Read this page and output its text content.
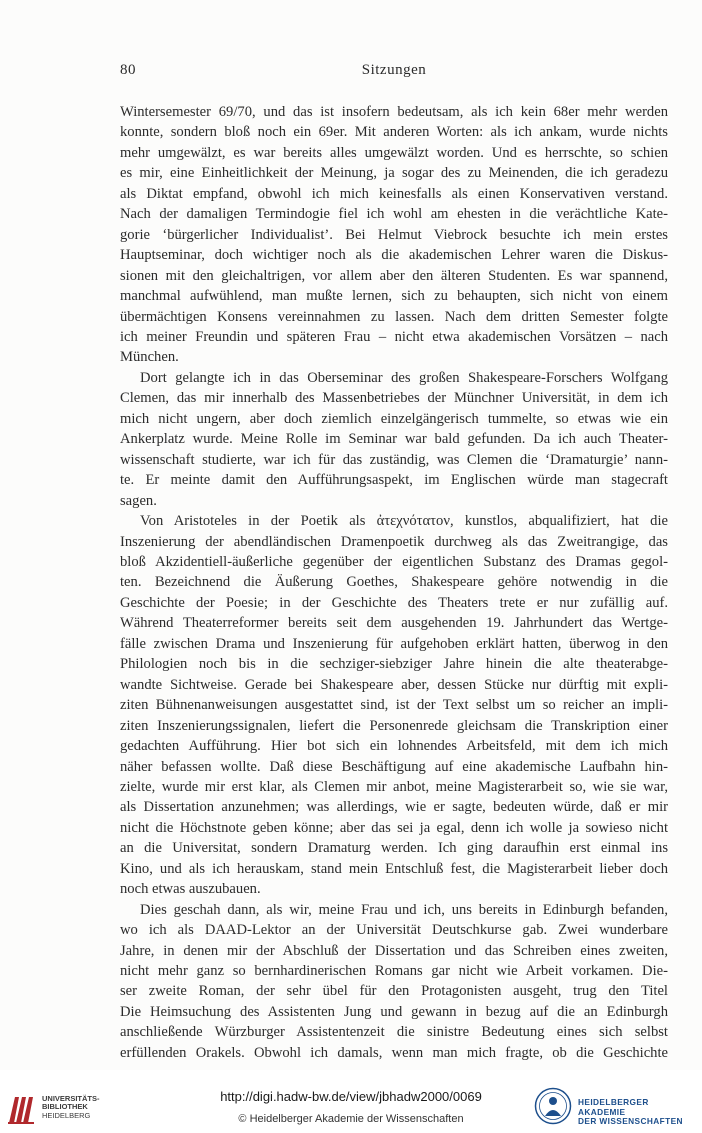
80	Sitzungen
Wintersemester 69/70, und das ist insofern bedeutsam, als ich kein 68er mehr werden
konnte, sondern bloß noch ein 69er. Mit anderen Worten: als ich ankam, wurde nichts
mehr umgewälzt, es war bereits alles umgewälzt worden. Und es herrschte, so schien
es mir, eine Einheitlichkeit der Meinung, ja sogar des zu Meinenden, die ich geradezu
als Diktat empfand, obwohl ich mich keinesfalls als einen Konservativen verstand.
Nach der damaligen Termindogie fiel ich wohl am ehesten in die verächtliche Kate-
gorie ‘bürgerlicher Individualist’. Bei Helmut Viebrock besuchte ich mein erstes
Hauptseminar, doch wichtiger noch als die akademischen Lehrer waren die Diskus-
sionen mit den gleichaltrigen, vor allem aber den älteren Studenten. Es war spannend,
manchmal aufwühlend, man mußte lernen, sich zu behaupten, sich nicht von einem
übermächtigen Konsens vereinnahmen zu lassen. Nach dem dritten Semester folgte
ich meiner Freundin und späteren Frau – nicht etwa akademischen Vorsätzen – nach
München.
Dort gelangte ich in das Oberseminar des großen Shakespeare-Forschers Wolfgang
Clemen, das mir innerhalb des Massenbetriebes der Münchner Universität, in dem ich
mich nicht ungern, aber doch ziemlich einzelgängerisch tummelte, so etwas wie ein
Ankerplatz wurde. Meine Rolle im Seminar war bald gefunden. Da ich auch Theater-
wissenschaft studierte, war ich für das zuständig, was Clemen die ‘Dramaturgie’ nann-
te. Er meinte damit den Aufführungsaspekt, im Englischen würde man stagecraft
sagen.
Von Aristoteles in der Poetik als ἀτεχνότατον, kunstlos, abqualifiziert, hat die
Inszenierung der abendländischen Dramenpoetik durchweg als das Zweitrangige, das
bloß Akzidentiell-äußerliche gegenüber der eigentlichen Substanz des Dramas gegol-
ten. Bezeichnend die Äußerung Goethes, Shakespeare gehöre notwendig in die
Geschichte der Poesie; in der Geschichte des Theaters trete er nur zufällig auf.
Während Theaterreformer bereits seit dem ausgehenden 19. Jahrhundert das Wertge-
fälle zwischen Drama und Inszenierung für aufgehoben erklärt hatten, überwog in den
Philologien noch bis in die sechziger-siebziger Jahre hinein die alte theaterabge-
wandte Sichtweise. Gerade bei Shakespeare aber, dessen Stücke nur dürftig mit expli-
ziten Bühnenanweisungen ausgestattet sind, ist der Text selbst um so reicher an impli-
ziten Inszenierungssignalen, liefert die Personenrede gleichsam die Transkription einer
gedachten Aufführung. Hier bot sich ein lohnendes Arbeitsfeld, mit dem ich mich
näher befassen wollte. Daß diese Beschäftigung auf eine akademische Laufbahn hin-
zielte, wurde mir erst klar, als Clemen mir anbot, meine Magisterarbeit so, wie sie war,
als Dissertation anzunehmen; was allerdings, wie er sagte, bedeuten würde, daß er mir
nicht die Höchstnote geben könne; aber das sei ja egal, denn ich wolle ja sowieso nicht
an die Universitat, sondern Dramaturg werden. Ich ging daraufhin erst einmal ins
Kino, und als ich herauskam, stand mein Entschluß fest, die Magisterarbeit lieber doch
noch etwas auszubauen.
Dies geschah dann, als wir, meine Frau und ich, uns bereits in Edinburgh befanden,
wo ich als DAAD-Lektor an der Universität Deutschkurse gab. Zwei wunderbare
Jahre, in denen mir der Abschluß der Dissertation und das Schreiben eines zweiten,
nicht mehr ganz so bernhardinerischen Romans gar nicht wie Arbeit vorkamen. Die-
ser zweite Roman, der sehr übel für den Protagonisten ausgeht, trug den Titel
Die Heimsuchung des Assistenten Jung und gewann in bezug auf die an Edinburgh
anschließende Würzburger Assistentenzeit die sinistre Bedeutung eines sich selbst
erfüllenden Orakels. Obwohl ich damals, wenn man mich fragte, ob die Geschichte
UNIVERSITÄTS-
BIBLIOTHEK
HEIDELBERG
http://digi.hadw-bw.de/view/jbhadw2000/0069
© Heidelberger Akademie der Wissenschaften
HEIDELBERGER AKADEMIE
DER WISSENSCHAFTEN
